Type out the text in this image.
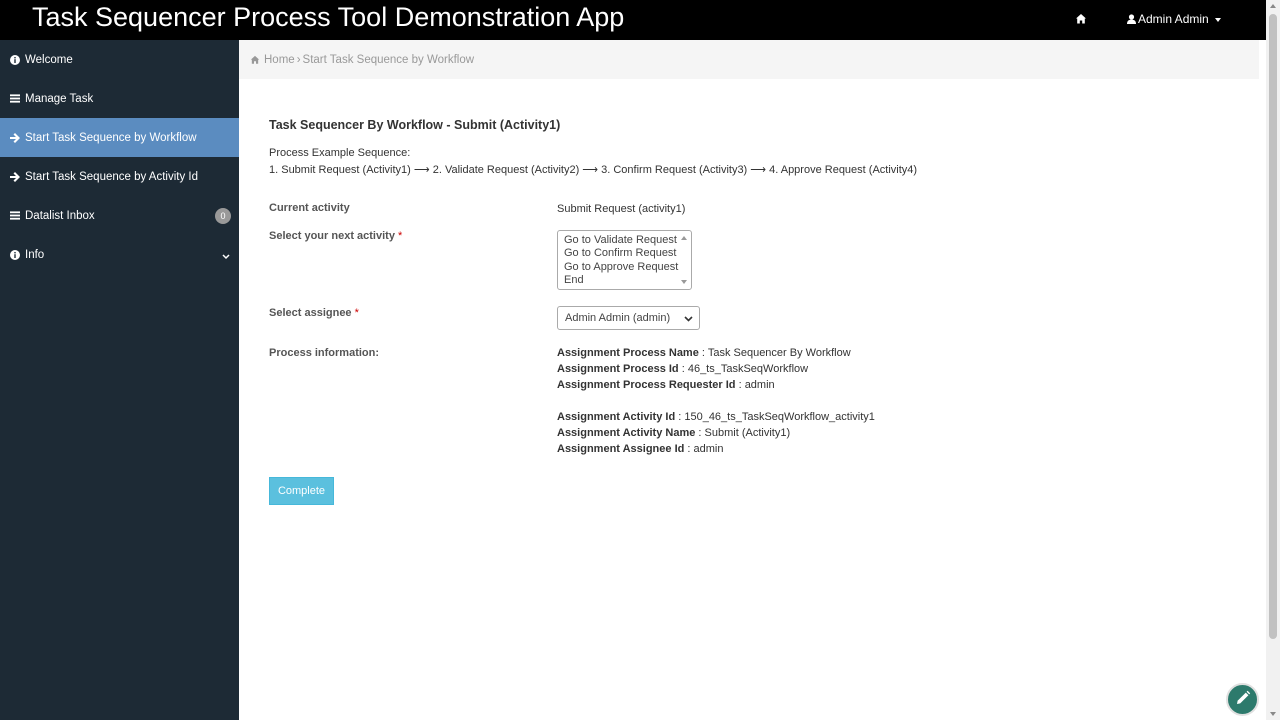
Task Sequencer Process Tool Demonstration App	Admin Admin
Welcome
Manage Task
Start Task Sequence by Workflow
Start Task Sequence by Activity Id
Datalist Inbox	0
Info
Home › Start Task Sequence by Workflow
Task Sequencer By Workflow - Submit (Activity1)
Process Example Sequence:
1. Submit Request (Activity1) ⟶ 2. Validate Request (Activity2) ⟶ 3. Confirm Request (Activity3) ⟶ 4. Approve Request (Activity4)
Current activity	Submit Request (activity1)
Select your next activity *	Go to Validate Request
Go to Confirm Request
Go to Approve Request
End
Select assignee *	Admin Admin (admin)
Process information:	Assignment Process Name : Task Sequencer By Workflow
Assignment Process Id : 46_ts_TaskSeqWorkflow
Assignment Process Requester Id : admin
Assignment Activity Id : 150_46_ts_TaskSeqWorkflow_activity1
Assignment Activity Name : Submit (Activity1)
Assignment Assignee Id : admin
Complete
